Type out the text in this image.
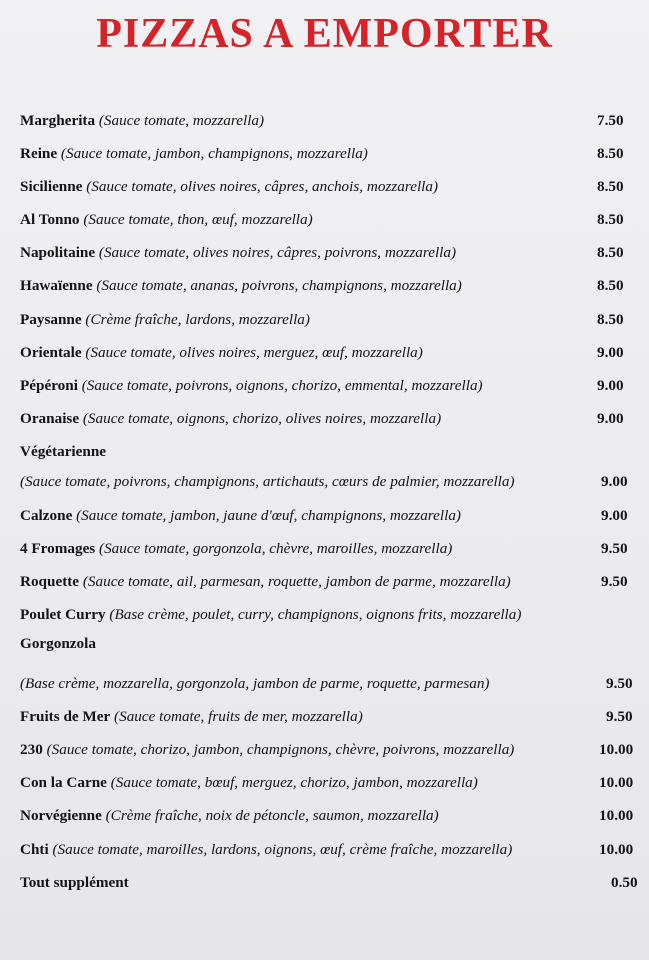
PIZZAS A EMPORTER
Margherita (Sauce tomate, mozzarella)	7.50
Reine (Sauce tomate, jambon, champignons, mozzarella)	8.50
Sicilienne (Sauce tomate, olives noires, câpres, anchois, mozzarella)	8.50
Al Tonno (Sauce tomate, thon, œuf, mozzarella)	8.50
Napolitaine (Sauce tomate, olives noires, câpres, poivrons, mozzarella)	8.50
Hawaïenne (Sauce tomate, ananas, poivrons, champignons, mozzarella)	8.50
Paysanne (Crème fraîche, lardons, mozzarella)	8.50
Orientale (Sauce tomate, olives noires, merguez, œuf, mozzarella)	9.00
Pépéroni (Sauce tomate, poivrons, oignons, chorizo, emmental, mozzarella)	9.00
Oranaise (Sauce tomate, oignons, chorizo, olives noires, mozzarella)	9.00
Végétarienne
(Sauce tomate, poivrons, champignons, artichauts, cœurs de palmier, mozzarella)	9.00
Calzone (Sauce tomate, jambon, jaune d'œuf, champignons, mozzarella)	9.00
4 Fromages (Sauce tomate, gorgonzola, chèvre, maroilles, mozzarella)	9.50
Roquette (Sauce tomate, ail, parmesan, roquette, jambon de parme, mozzarella)	9.50
Poulet Curry (Base crème, poulet, curry, champignons, oignons frits, mozzarella)
Gorgonzola
(Base crème, mozzarella, gorgonzola, jambon de parme, roquette, parmesan)	9.50
Fruits de Mer (Sauce tomate, fruits de mer, mozzarella)	9.50
230 (Sauce tomate, chorizo, jambon, champignons, chèvre, poivrons, mozzarella)	10.00
Con la Carne (Sauce tomate, bœuf, merguez, chorizo, jambon, mozzarella)	10.00
Norvégienne (Crème fraîche, noix de pétoncle, saumon, mozzarella)	10.00
Chti (Sauce tomate, maroilles, lardons, oignons, œuf, crème fraîche, mozzarella)	10.00
Tout supplément	0.50
